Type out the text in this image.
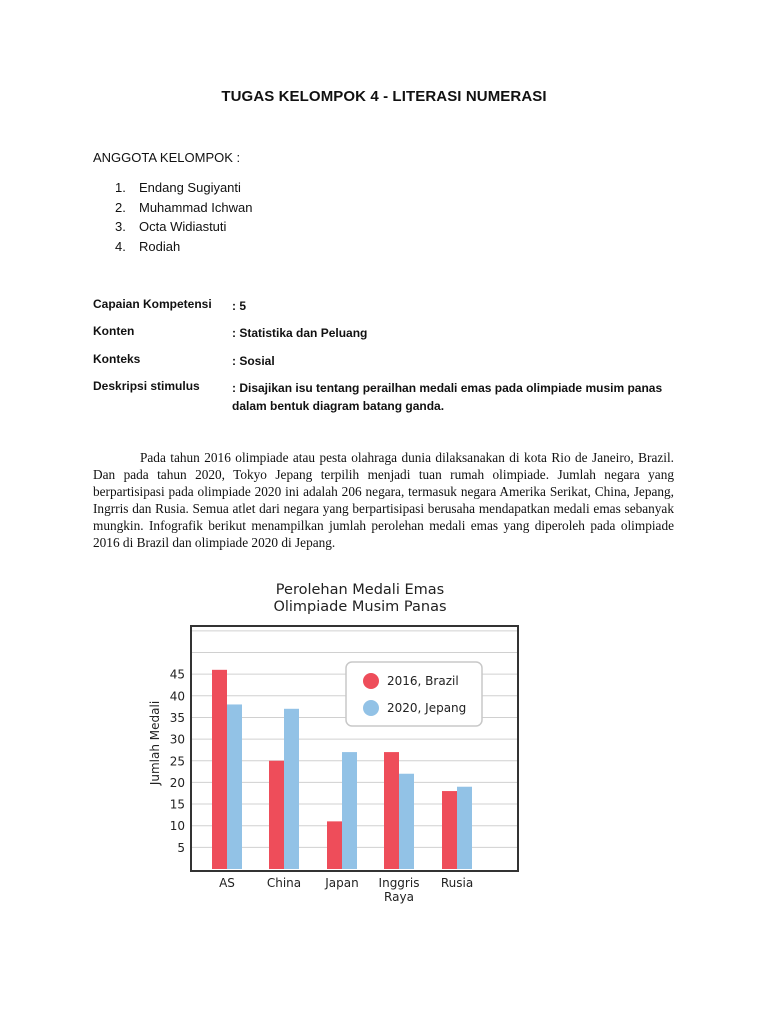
TUGAS KELOMPOK 4 - LITERASI NUMERASI
ANGGOTA KELOMPOK :
1.	Endang Sugiyanti
2.	Muhammad Ichwan
3.	Octa Widiastuti
4.	Rodiah
Capaian Kompetensi	: 5
Konten	: Statistika dan Peluang
Konteks	: Sosial
Deskripsi stimulus	: Disajikan isu tentang perailhan medali emas pada olimpiade musim panas dalam bentuk diagram batang ganda.

Pada tahun 2016 olimpiade atau pesta olahraga dunia dilaksanakan di kota Rio de Janeiro, Brazil. Dan pada tahun 2020, Tokyo Jepang terpilih menjadi tuan rumah olimpiade. Jumlah negara yang berpartisipasi pada olimpiade 2020 ini adalah 206 negara, termasuk negara Amerika Serikat, China, Jepang, Ingrris dan Rusia. Semua atlet dari negara yang berpartisipasi berusaha mendapatkan medali emas sebanyak mungkin. Infografik berikut menampilkan jumlah perolehan medali emas yang diperoleh pada olimpiade 2016 di Brazil dan olimpiade 2020 di Jepang.

Perolehan Medali Emas
Olimpiade Musim Panas
5
10
15
20
25
30
35
40
45
Jumlah Medali
2016, Brazil
2020, Jepang
AS	China Japan Inggris
Raya
Rusia
